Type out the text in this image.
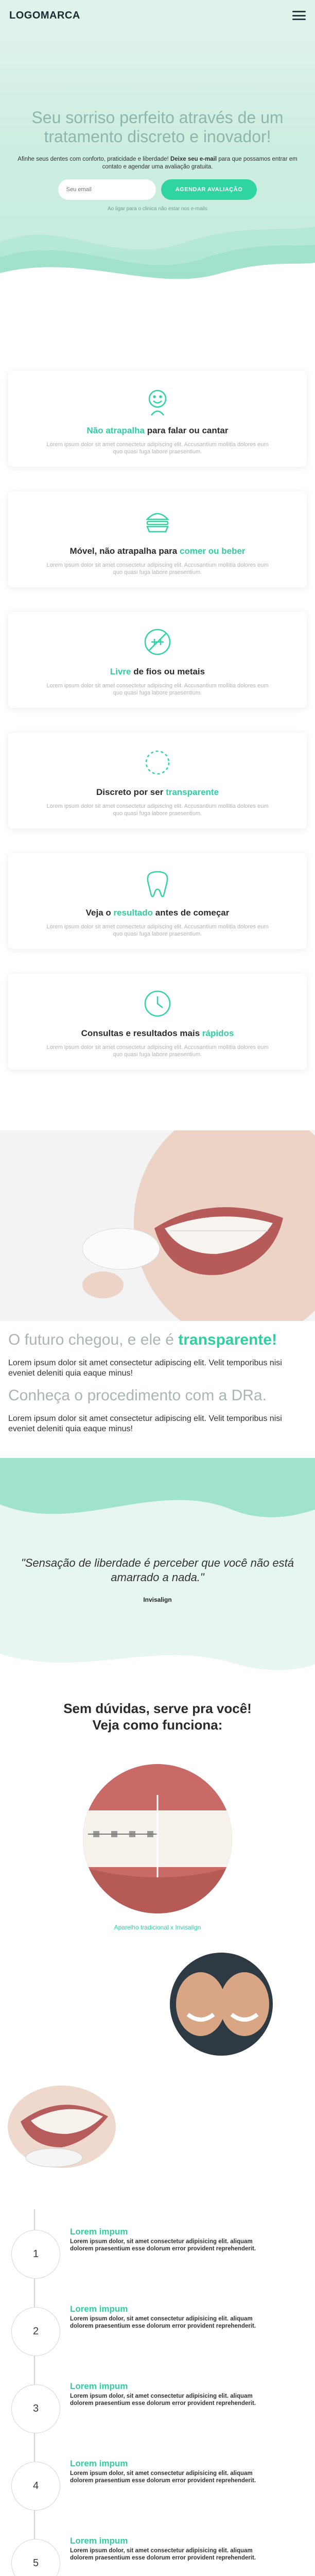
LOGOMARCA
Seu sorriso perfeito através de um tratamento discreto e inovador!

Afinhe seus dentes com conforto, praticidade e liberdade! Deixe seu e-mail para que possamos entrar em contato e agendar uma avaliação gratuita.

Seu email
AGENDAR AVALIAÇÃO
Ao ligar para o clinica não estar nos e-mails
Não atrapalha para falar ou cantar

Lorem ipsum dolor sit amet consectetur adipiscing elit. Accusantium mollitia dolores eum quo quasi fuga labore praesentium.

Móvel, não atrapalha para comer ou beber

Lorem ipsum dolor sit amet consectetur adipiscing elit. Accusantium mollitia dolores eum quo quasi fuga labore praesentium.

Livre de fios ou metais

Lorem ipsum dolor sit amet consectetur adipiscing elit. Accusantium mollitia dolores eum quo quasi fuga labore praesentium.

Discreto por ser transparente

Lorem ipsum dolor sit amet consectetur adipiscing elit. Accusantium mollitia dolores eum quo quasi fuga labore praesentium.

Veja o resultado antes de começar

Lorem ipsum dolor sit amet consectetur adipiscing elit. Accusantium mollitia dolores eum quo quasi fuga labore praesentium.

Consultas e resultados mais rápidos

Lorem ipsum dolor sit amet consectetur adipiscing elit. Accusantium mollitia dolores eum quo quasi fuga labore praesentium.

O futuro chegou, e ele é transparente!

Lorem ipsum dolor sit amet consectetur adipiscing elit. Velit temporibus nisi eveniet deleniti quia eaque minus!

Conheça o procedimento com a DRa.

Lorem ipsum dolor sit amet consectetur adipiscing elit. Velit temporibus nisi eveniet deleniti quia eaque minus!

"Sensação de liberdade é perceber que você não está amarrado a nada."
Invisalign
Sem dúvidas, serve pra você!
Veja como funciona:
Aparelho tradicional x Invisalign
1
Lorem impum

Lorem ipsum dolor, sit amet consectetur adipisicing elit. aliquam dolorem praesentium esse dolorum error provident reprehenderit.

2
Lorem impum

Lorem ipsum dolor, sit amet consectetur adipisicing elit. aliquam dolorem praesentium esse dolorum error provident reprehenderit.

3
Lorem impum

Lorem ipsum dolor, sit amet consectetur adipisicing elit. aliquam dolorem praesentium esse dolorum error provident reprehenderit.

4
Lorem impum

Lorem ipsum dolor, sit amet consectetur adipisicing elit. aliquam dolorem praesentium esse dolorum error provident reprehenderit.

5
Lorem impum

Lorem ipsum dolor, sit amet consectetur adipisicing elit. aliquam dolorem praesentium esse dolorum error provident reprehenderit.
